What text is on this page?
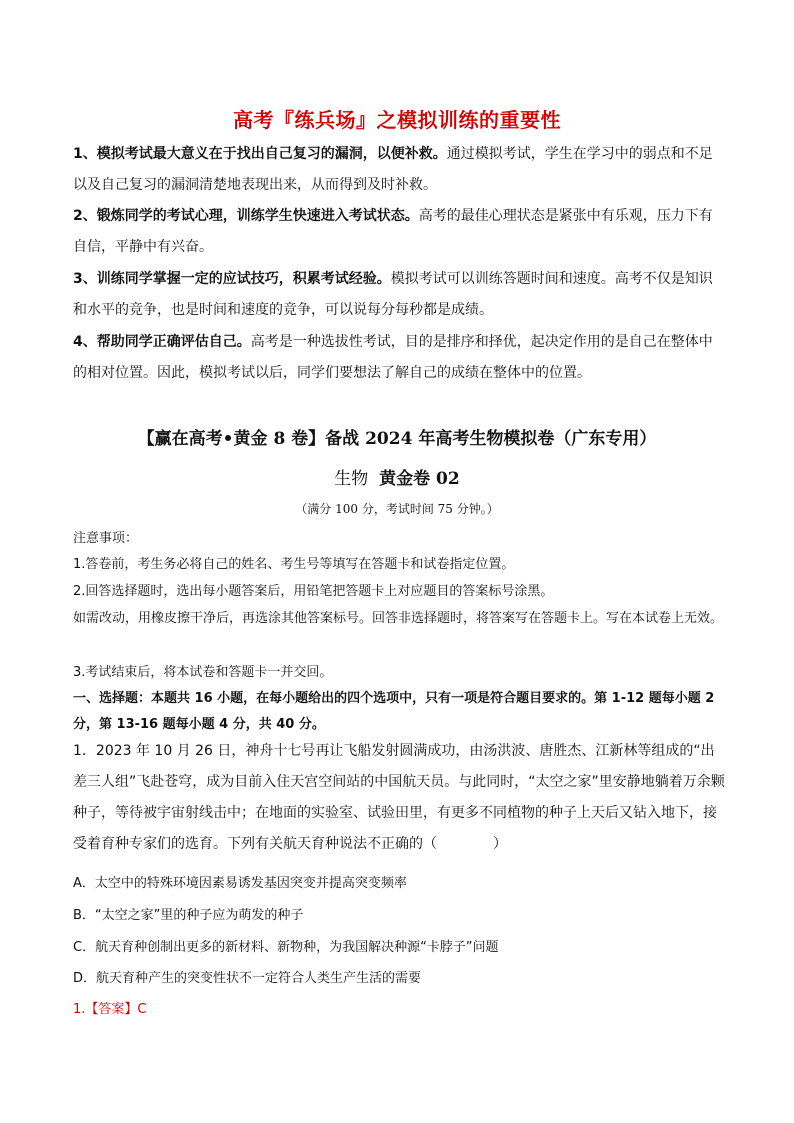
高考『练兵场』之模拟训练的重要性
1、模拟考试最大意义在于找出自己复习的漏洞，以便补救。通过模拟考试，学生在学习中的弱点和不足以及自己复习的漏洞清楚地表现出来，从而得到及时补救。
2、锻炼同学的考试心理，训练学生快速进入考试状态。高考的最佳心理状态是紧张中有乐观，压力下有自信，平静中有兴奋。
3、训练同学掌握一定的应试技巧，积累考试经验。模拟考试可以训练答题时间和速度。高考不仅是知识和水平的竞争，也是时间和速度的竞争，可以说每分每秒都是成绩。
4、帮助同学正确评估自己。高考是一种选拔性考试，目的是排序和择优，起决定作用的是自己在整体中的相对位置。因此，模拟考试以后，同学们要想法了解自己的成绩在整体中的位置。
【赢在高考•黄金 8 卷】备战 2024 年高考生物模拟卷（广东专用）
生物 黄金卷 02
（满分 100 分，考试时间 75 分钟。）
注意事项：
1.答卷前，考生务必将自己的姓名、考生号等填写在答题卡和试卷指定位置。
2.回答选择题时，选出每小题答案后，用铅笔把答题卡上对应题目的答案标号涂黑。
如需改动，用橡皮擦干净后，再选涂其他答案标号。回答非选择题时，将答案写在答题卡上。写在本试卷上无效。
3.考试结束后，将本试卷和答题卡一并交回。
一、选择题：本题共 16 小题，在每小题给出的四个选项中，只有一项是符合题目要求的。第 1-12 题每小题 2 分，第 13-16 题每小题 4 分，共 40 分。
1．2023 年 10 月 26 日，神舟十七号再让飞船发射圆满成功，由汤洪波、唐胜杰、江新林等组成的“出差三人组”飞赴苍穹，成为目前入住天宫空间站的中国航天员。与此同时，“太空之家”里安静地躺着万余颗种子，等待被宇宙射线击中；在地面的实验室、试验田里，有更多不同植物的种子上天后又钻入地下，接受着育种专家们的选育。下列有关航天育种说法不正确的（　　　　）
A．太空中的特殊环境因素易诱发基因突变并提高突变频率
B．“太空之家”里的种子应为萌发的种子
C．航天育种创制出更多的新材料、新物种，为我国解决种源“卡脖子”问题
D．航天育种产生的突变性状不一定符合人类生产生活的需要
1.【答案】C
